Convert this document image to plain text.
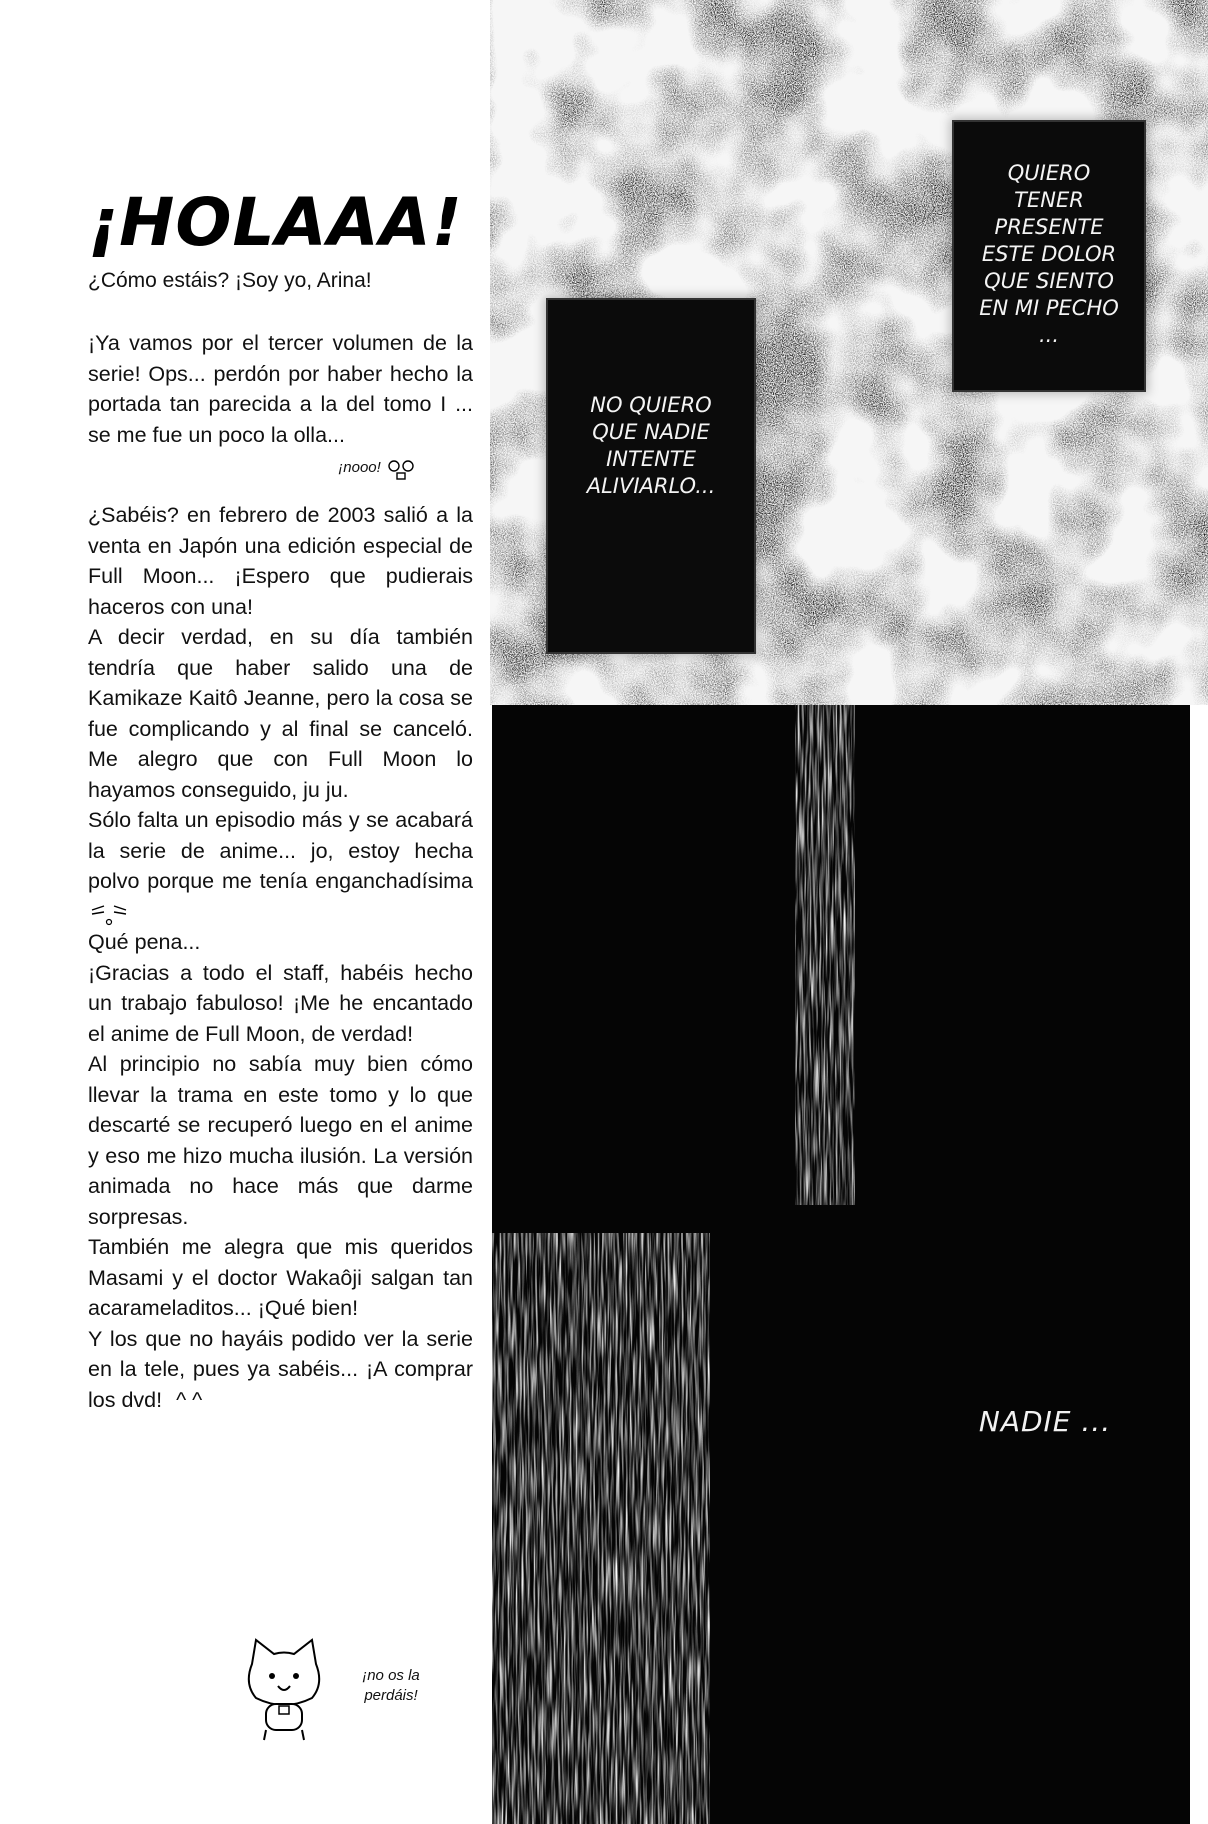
¡HOLAAA!

¿Cómo estáis? ¡Soy yo, Arina!

¡Ya vamos por el tercer volumen de la serie! Ops... perdón por haber hecho la portada tan parecida a la del tomo I ... se me fue un poco la olla...

¡nooo!

¿Sabéis? en febrero de 2003 salió a la venta en Japón una edición especial de Full Moon... ¡Espero que pudierais haceros con una!

A decir verdad, en su día también tendría que haber salido una de Kamikaze Kaitô Jeanne, pero la cosa se fue complicando y al final se canceló. Me alegro que con Full Moon lo hayamos conseguido, ju ju.

Sólo falta un episodio más y se acabará la serie de anime... jo, estoy hecha polvo porque me tenía enganchadísima

Qué pena...

¡Gracias a todo el staff, habéis hecho un trabajo fabuloso! ¡Me he encantado el anime de Full Moon, de verdad!

Al principio no sabía muy bien cómo llevar la trama en este tomo y lo que descarté se recuperó luego en el anime y eso me hizo mucha ilusión. La versión animada no hace más que darme sorpresas.

También me alegra que mis queridos Masami y el doctor Wakaôji salgan tan acarameladitos... ¡Qué bien!

Y los que no hayáis podido ver la serie en la tele, pues ya sabéis... ¡A comprar los dvd! ^ ^

¡no os la perdáis!
QUIERO TENER PRESENTE ESTE DOLOR QUE SIENTO EN MI PECHO ...
NO QUIERO QUE NADIE INTENTE ALIVIARLO...
NADIE ...
